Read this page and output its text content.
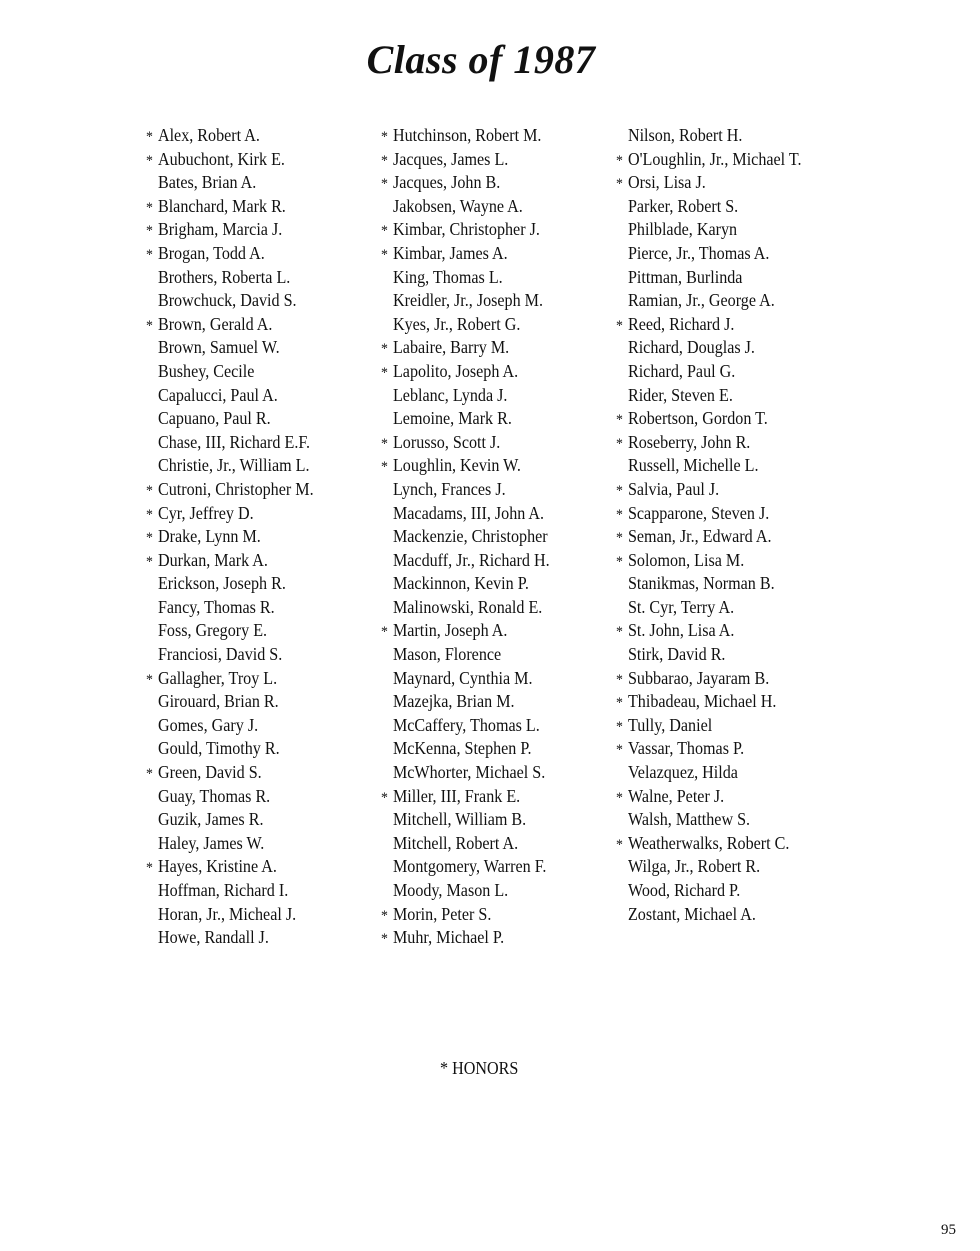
Class of 1987
* Alex, Robert A.
* Aubuchont, Kirk E.
Bates, Brian A.
* Blanchard, Mark R.
* Brigham, Marcia J.
* Brogan, Todd A.
Brothers, Roberta L.
Browchuck, David S.
* Brown, Gerald A.
Brown, Samuel W.
Bushey, Cecile
Capalucci, Paul A.
Capuano, Paul R.
Chase, III, Richard E.F.
Christie, Jr., William L.
* Cutroni, Christopher M.
* Cyr, Jeffrey D.
* Drake, Lynn M.
* Durkan, Mark A.
Erickson, Joseph R.
Fancy, Thomas R.
Foss, Gregory E.
Franciosi, David S.
* Gallagher, Troy L.
Girouard, Brian R.
Gomes, Gary J.
Gould, Timothy R.
* Green, David S.
Guay, Thomas R.
Guzik, James R.
Haley, James W.
* Hayes, Kristine A.
Hoffman, Richard I.
Horan, Jr., Micheal J.
Howe, Randall J.
* Hutchinson, Robert M.
* Jacques, James L.
* Jacques, John B.
Jakobsen, Wayne A.
* Kimbar, Christopher J.
* Kimbar, James A.
King, Thomas L.
Kreidler, Jr., Joseph M.
Kyes, Jr., Robert G.
* Labaire, Barry M.
* Lapolito, Joseph A.
Leblanc, Lynda J.
Lemoine, Mark R.
* Lorusso, Scott J.
* Loughlin, Kevin W.
Lynch, Frances J.
Macadams, III, John A.
Mackenzie, Christopher
Macduff, Jr., Richard H.
Mackinnon, Kevin P.
Malinowski, Ronald E.
* Martin, Joseph A.
Mason, Florence
Maynard, Cynthia M.
Mazejka, Brian M.
McCaffery, Thomas L.
McKenna, Stephen P.
McWhorter, Michael S.
* Miller, III, Frank E.
Mitchell, William B.
Mitchell, Robert A.
Montgomery, Warren F.
Moody, Mason L.
* Morin, Peter S.
* Muhr, Michael P.
Nilson, Robert H.
* O'Loughlin, Jr., Michael T.
* Orsi, Lisa J.
Parker, Robert S.
Philblade, Karyn
Pierce, Jr., Thomas A.
Pittman, Burlinda
Ramian, Jr., George A.
* Reed, Richard J.
Richard, Douglas J.
Richard, Paul G.
Rider, Steven E.
* Robertson, Gordon T.
* Roseberry, John R.
Russell, Michelle L.
* Salvia, Paul J.
* Scapparone, Steven J.
* Seman, Jr., Edward A.
* Solomon, Lisa M.
Stanikmas, Norman B.
St. Cyr, Terry A.
* St. John, Lisa A.
Stirk, David R.
* Subbarao, Jayaram B.
* Thibadeau, Michael H.
* Tully, Daniel
* Vassar, Thomas P.
Velazquez, Hilda
* Walne, Peter J.
Walsh, Matthew S.
* Weatherwalks, Robert C.
Wilga, Jr., Robert R.
Wood, Richard P.
Zostant, Michael A.
* HONORS
95
